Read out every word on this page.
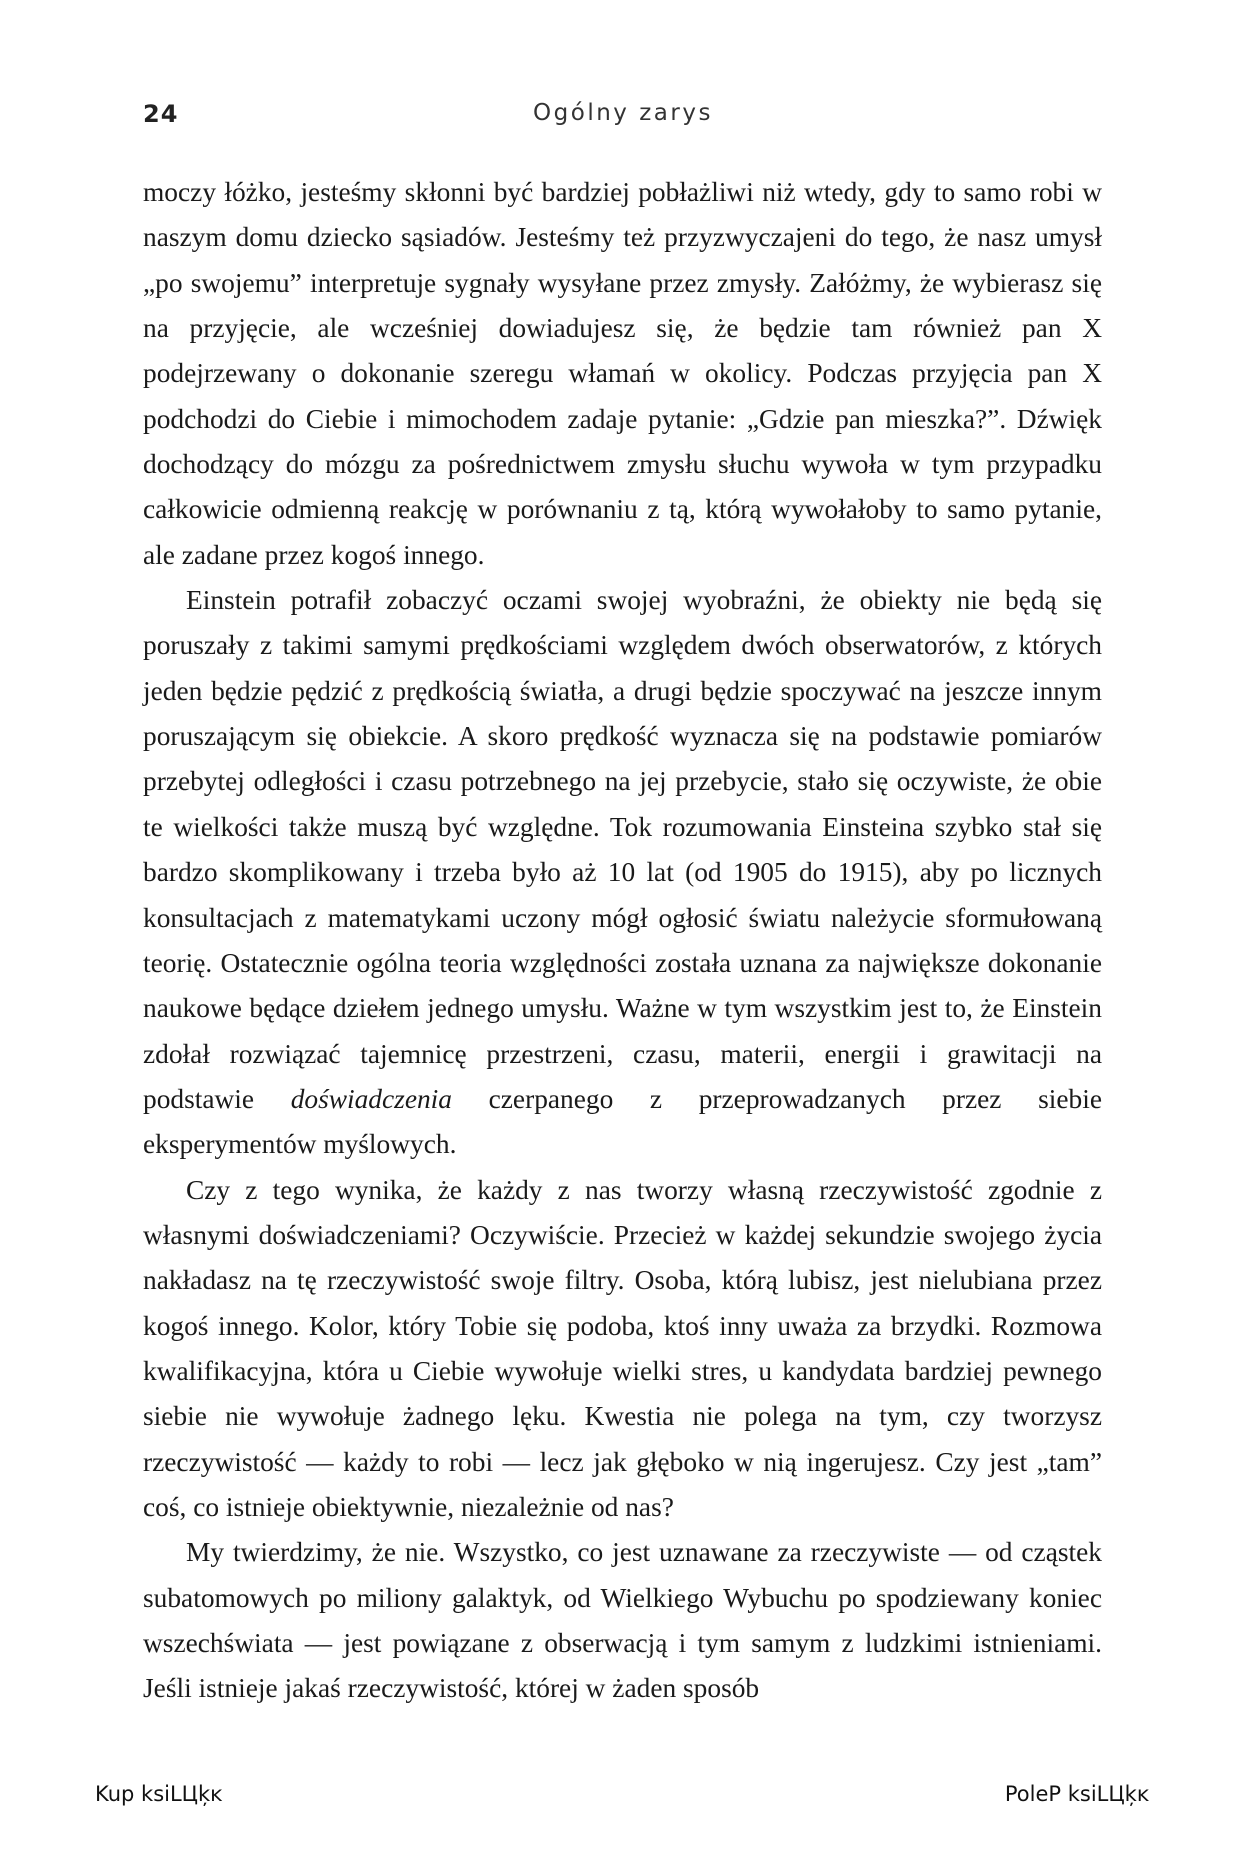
24	Ogólny zarys

moczy łóżko, jesteśmy skłonni być bardziej pobłażliwi niż wtedy, gdy to samo robi w naszym domu dziecko sąsiadów. Jesteśmy też przyzwyczajeni do tego, że nasz umysł „po swojemu” interpretuje sygnały wysyłane przez zmysły. Załóżmy, że wybierasz się na przyjęcie, ale wcześniej dowiadujesz się, że będzie tam również pan X podejrzewany o dokonanie szeregu włamań w okolicy. Podczas przyjęcia pan X podchodzi do Ciebie i mimochodem zadaje pytanie: „Gdzie pan mieszka?”. Dźwięk dochodzący do mózgu za pośrednictwem zmysłu słuchu wywoła w tym przypadku całkowicie odmienną reakcję w porównaniu z tą, którą wywołałoby to samo pytanie, ale zadane przez kogoś innego.

Einstein potrafił zobaczyć oczami swojej wyobraźni, że obiekty nie będą się poruszały z takimi samymi prędkościami względem dwóch obserwatorów, z których jeden będzie pędzić z prędkością światła, a drugi będzie spoczywać na jeszcze innym poruszającym się obiekcie. A skoro prędkość wyznacza się na podstawie pomiarów przebytej odległości i czasu potrzebnego na jej przebycie, stało się oczywiste, że obie te wielkości także muszą być względne. Tok rozumowania Einsteina szybko stał się bardzo skomplikowany i trzeba było aż 10 lat (od 1905 do 1915), aby po licznych konsultacjach z matematykami uczony mógł ogłosić światu należycie sformułowaną teorię. Ostatecznie ogólna teoria względności została uznana za największe dokonanie naukowe będące dziełem jednego umysłu. Ważne w tym wszystkim jest to, że Einstein zdołał rozwiązać tajemnicę przestrzeni, czasu, materii, energii i grawitacji na podstawie doświadczenia czerpanego z przeprowadzanych przez siebie eksperymentów myślowych.

Czy z tego wynika, że każdy z nas tworzy własną rzeczywistość zgodnie z własnymi doświadczeniami? Oczywiście. Przecież w każdej sekundzie swojego życia nakładasz na tę rzeczywistość swoje filtry. Osoba, którą lubisz, jest nielubiana przez kogoś innego. Kolor, który Tobie się podoba, ktoś inny uważa za brzydki. Rozmowa kwalifikacyjna, która u Ciebie wywołuje wielki stres, u kandydata bardziej pewnego siebie nie wywołuje żadnego lęku. Kwestia nie polega na tym, czy tworzysz rzeczywistość — każdy to robi — lecz jak głęboko w nią ingerujesz. Czy jest „tam” coś, co istnieje obiektywnie, niezależnie od nas?

My twierdzimy, że nie. Wszystko, co jest uznawane za rzeczywiste — od cząstek subatomowych po miliony galaktyk, od Wielkiego Wybuchu po spodziewany koniec wszechświata — jest powiązane z obserwacją i tym samym z ludzkimi istnieniami. Jeśli istnieje jakaś rzeczywistość, której w żaden sposób

Kup ksiLЦķĸ	PoleP ksiLЦķĸ
